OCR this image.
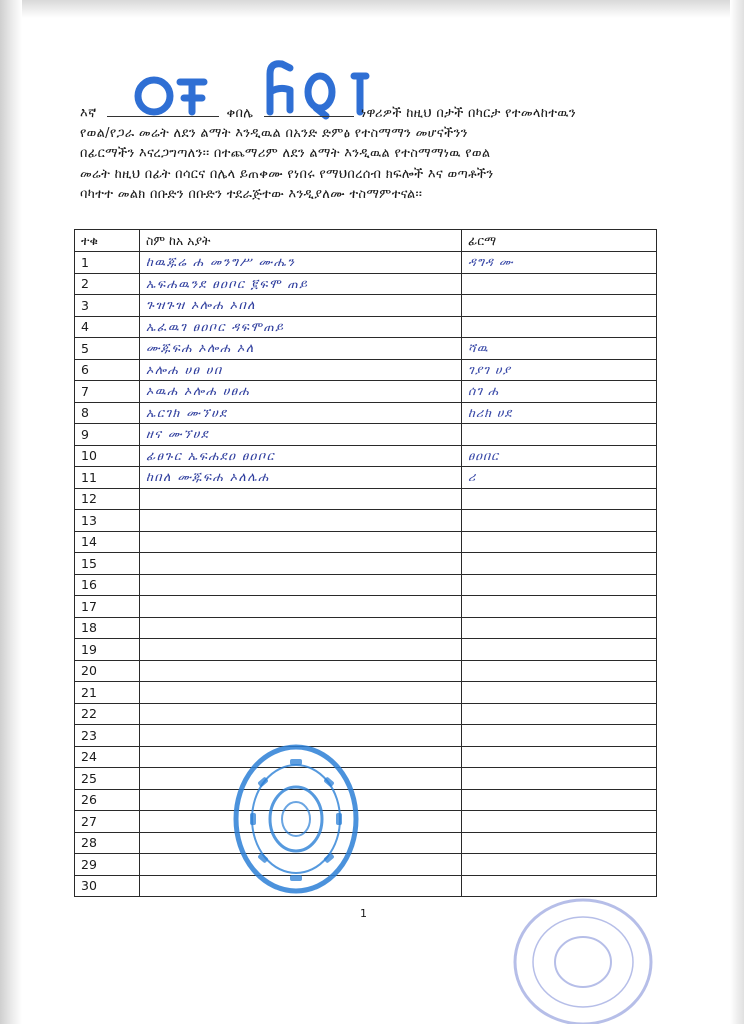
እኛ	ቀበሌ	ነዋሪዎች ከዚህ በታች በካርታ የተመላከተዉን
የወል/የጋራ መሬት ለደን ልማት እንዲዉል በአንድ ድምፅ የተስማማን መሆናችንን
በፊርማችን እናረጋግጣለን፡፡ በተጨማሪም ለደን ልማት እንዲዉል የተስማማነዉ የወል
መሬት ከዚህ በፊት በሳርና በሌላ ይጠቀሙ የነበሩ የማህበረሰብ ክፍሎች እና ወጣቶችን
ባካተተ መልክ በቡድን በቡድን ተደራጅተው እንዲያለሙ ተስማምተናል፡፡
ተቁ	ስም ከአ አያት	ፊርማ
1	ከዉጁሬ ሐ መንግሥ ሙሔን	ዳግዳ ሙ
2	ኤፍሐዉንደ ፀዐቦር ፪ፍሞ ጠይ	
3	ጉዝጉዝ ኦሎሐ ኦበለ	
4	ኤፈዉገ ፀዐቦር ዳፍሞጠይ	
5	ሙጁፍሐ ኦሎሐ ኦለ	ሻዉ
6	ኦሎሐ ሀፀ ሀበ	ገያገ ሀያ
7	ኦዉሐ ኦሎሐ ሀፀሐ	ሰገ ሐ
8	ኤርገክ ሙኘሀደ	ከሪክ ሀደ
9	ዘና ሙኘሀደ	
10	ፊፀጉር ኤፍሐደዐ ፀዐቦር	ፀዐበር
11	ከበለ ሙጁፍሐ ኦለሌሐ	ሪ
12		
13		
14		
15		
16		
17		
18		
19		
20		
21		
22		
23		
24		
25		
26		
27		
28		
29		
30		
1
